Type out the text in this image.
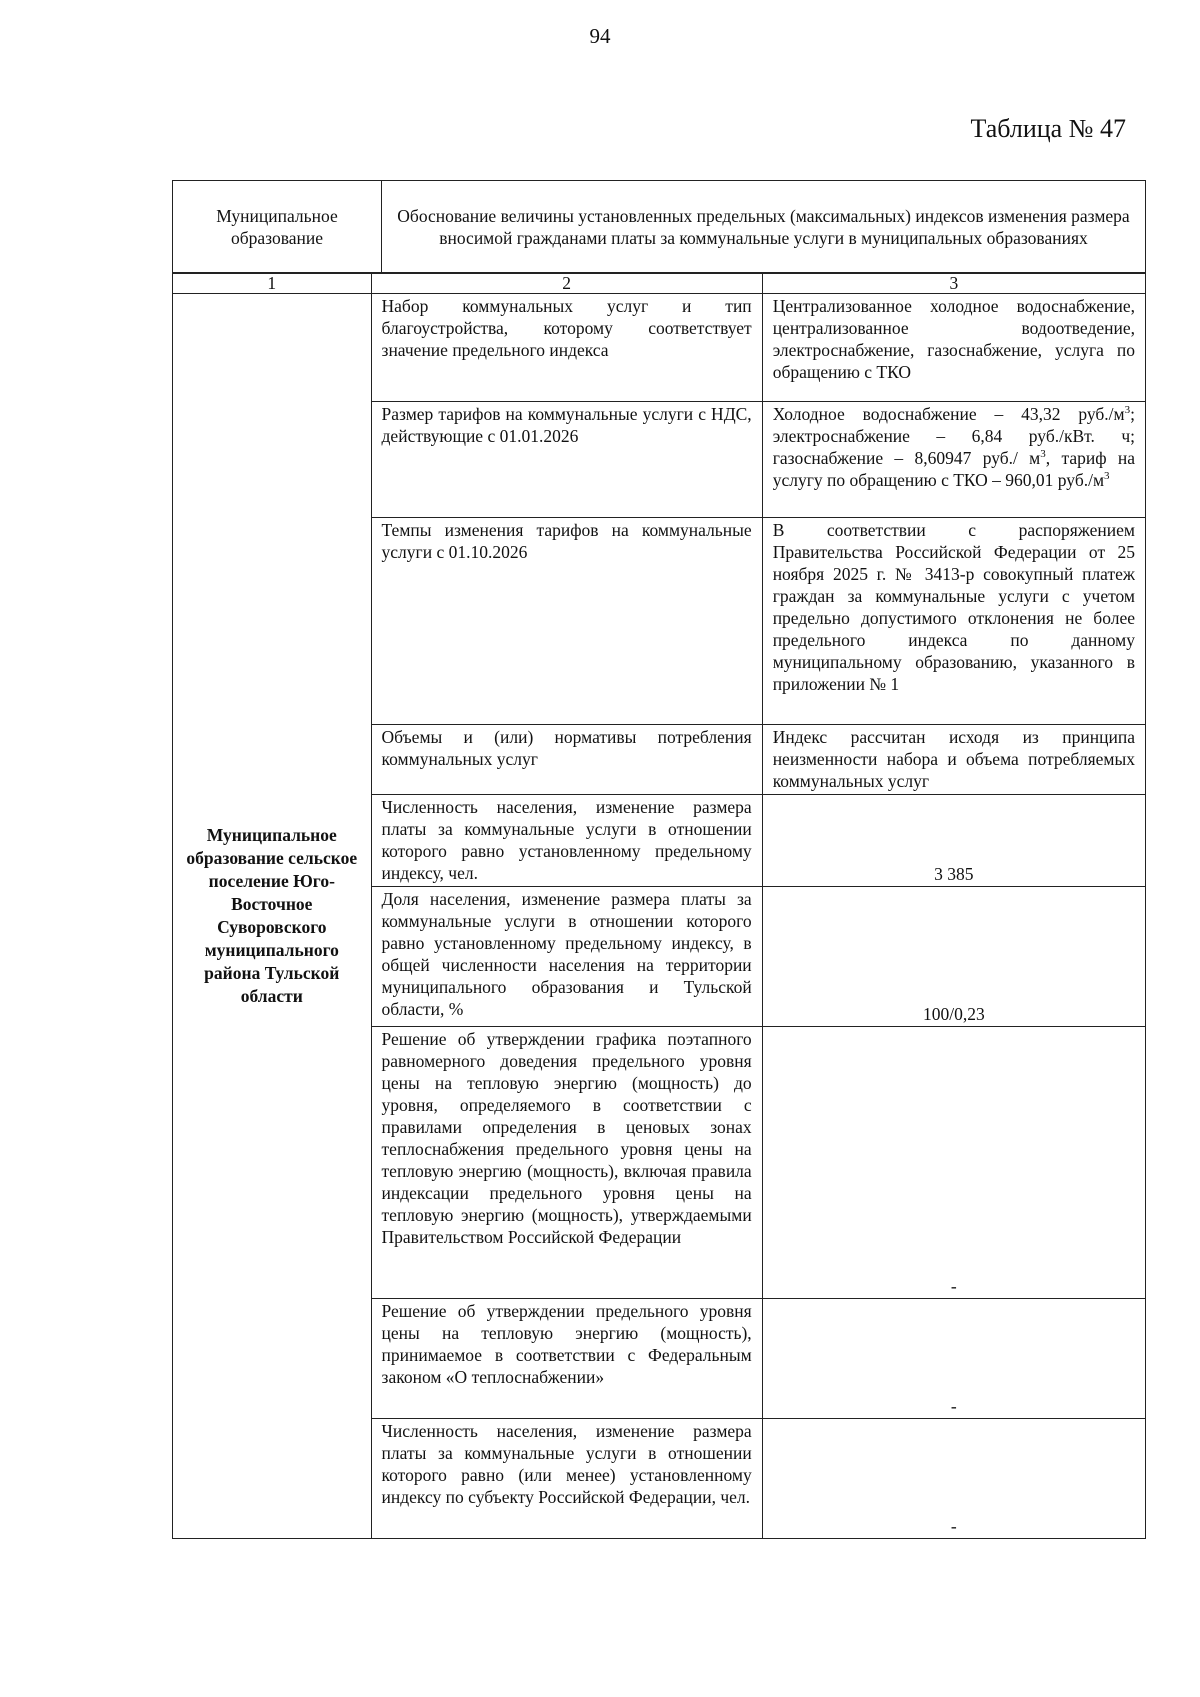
94
Таблица № 47
Муниципальное образование	Обоснование величины установленных предельных (максимальных) индексов изменения размера вносимой гражданами платы за коммунальные услуги в муниципальных образованиях
1	2	3
Муниципальное образование сельское поселение Юго-Восточное Суворовского муниципального района Тульской области	Набор коммунальных услуг и тип благоустройства, которому соответствует значение предельного индекса	Централизованное холодное водоснабжение, централизованное водоотведение, электроснабжение, газоснабжение, услуга по обращению с ТКО
	Размер тарифов на коммунальные услуги с НДС, действующие с 01.01.2026	Холодное водоснабжение – 43,32 $руб./м^3$; электроснабжение – 6,84 руб./кВт. ч; газоснабжение – 8,60947 руб./ $м^3$, тариф на услугу по обращению с ТКО – 960,01 $руб./м^3$
	Темпы изменения тарифов на коммунальные услуги с 01.10.2026	В соответствии с распоряжением Правительства Российской Федерации от 25 ноября 2025 г. № 3413-р совокупный платеж граждан за коммунальные услуги с учетом предельно допустимого отклонения не более предельного индекса по данному муниципальному образованию, указанного в приложении № 1
	Объемы и (или) нормативы потребления коммунальных услуг	Индекс рассчитан исходя из принципа неизменности набора и объема потребляемых коммунальных услуг
	Численность населения, изменение размера платы за коммунальные услуги в отношении которого равно установленному предельному индексу, чел.	3 385
	Доля населения, изменение размера платы за коммунальные услуги в отношении которого равно установленному предельному индексу, в общей численности населения на территории муниципального образования и Тульской области, %	100/0,23
	Решение об утверждении графика поэтапного равномерного доведения предельного уровня цены на тепловую энергию (мощность) до уровня, определяемого в соответствии с правилами определения в ценовых зонах теплоснабжения предельного уровня цены на тепловую энергию (мощность), включая правила индексации предельного уровня цены на тепловую энергию (мощность), утверждаемыми Правительством Российской Федерации	-
	Решение об утверждении предельного уровня цены на тепловую энергию (мощность), принимаемое в соответствии с Федеральным законом «О теплоснабжении»	-
	Численность населения, изменение размера платы за коммунальные услуги в отношении которого равно (или менее) установленному индексу по субъекту Российской Федерации, чел.	-
